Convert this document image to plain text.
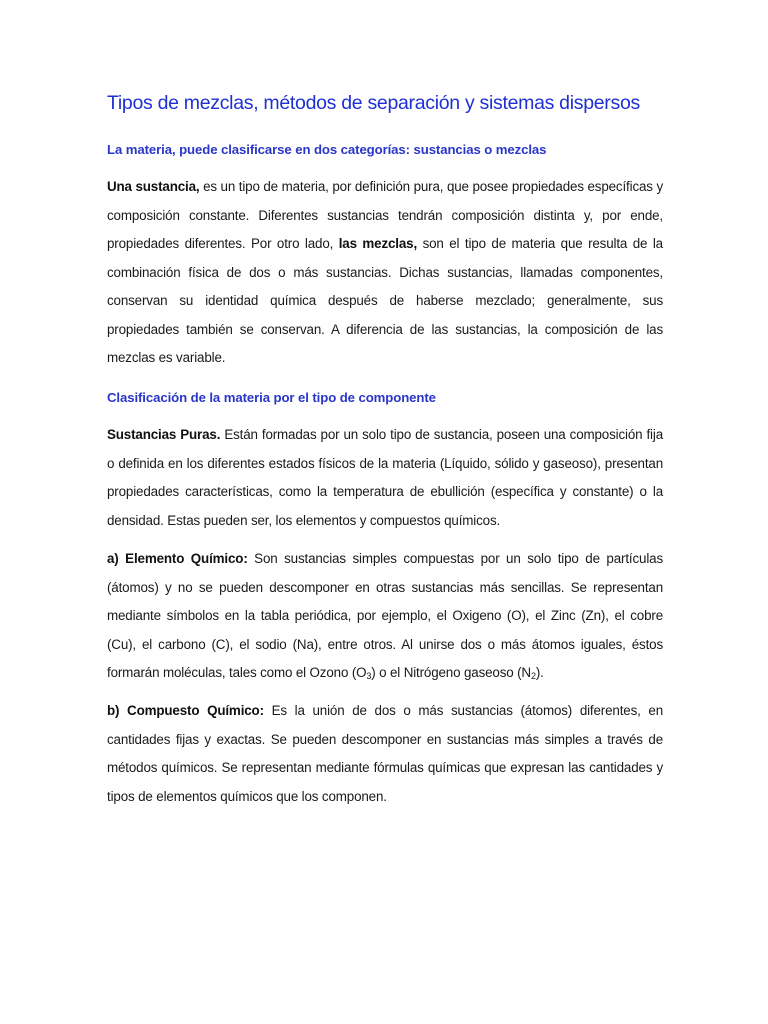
Tipos de mezclas, métodos de separación y sistemas dispersos
La materia, puede clasificarse en dos categorías: sustancias o mezclas

Una sustancia, es un tipo de materia, por definición pura, que posee propiedades específicas y composición constante. Diferentes sustancias tendrán composición distinta y, por ende, propiedades diferentes. Por otro lado, las mezclas, son el tipo de materia que resulta de la combinación física de dos o más sustancias. Dichas sustancias, llamadas componentes, conservan su identidad química después de haberse mezclado; generalmente, sus propiedades también se conservan. A diferencia de las sustancias, la composición de las mezclas es variable.

Clasificación de la materia por el tipo de componente

Sustancias Puras. Están formadas por un solo tipo de sustancia, poseen una composición fija o definida en los diferentes estados físicos de la materia (Líquido, sólido y gaseoso), presentan propiedades características, como la temperatura de ebullición (específica y constante) o la densidad. Estas pueden ser, los elementos y compuestos químicos.

a) Elemento Químico: Son sustancias simples compuestas por un solo tipo de partículas (átomos) y no se pueden descomponer en otras sustancias más sencillas. Se representan mediante símbolos en la tabla periódica, por ejemplo, el Oxigeno (O), el Zinc (Zn), el cobre (Cu), el carbono (C), el sodio (Na), entre otros. Al unirse dos o más átomos iguales, éstos formarán moléculas, tales como el Ozono $(O_3)$ o el Nitrógeno gaseoso $(N_2)$.

b) Compuesto Químico: Es la unión de dos o más sustancias (átomos) diferentes, en cantidades fijas y exactas. Se pueden descomponer en sustancias más simples a través de métodos químicos. Se representan mediante fórmulas químicas que expresan las cantidades y tipos de elementos químicos que los componen.
